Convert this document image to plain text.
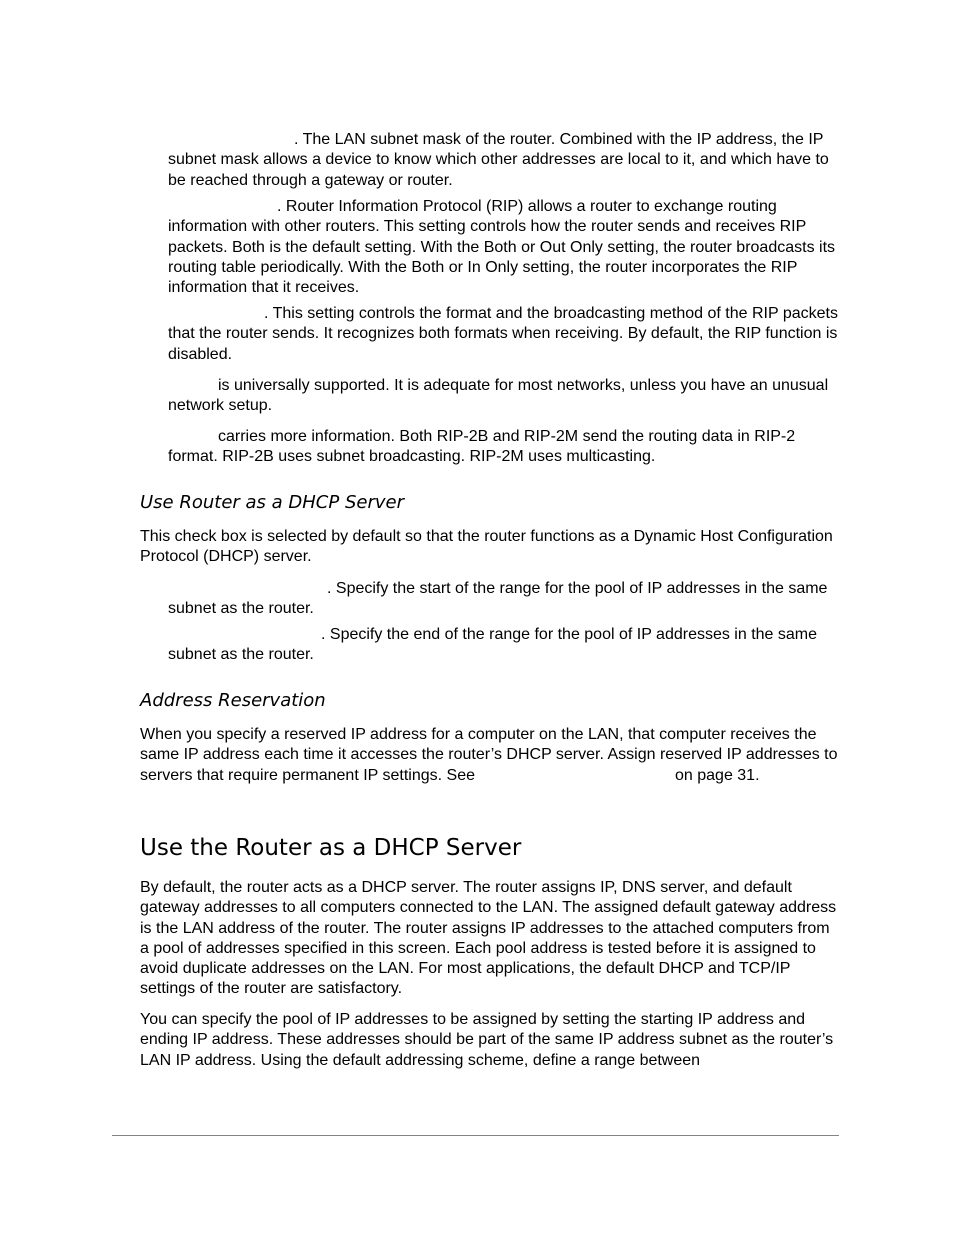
. The LAN subnet mask of the router. Combined with the IP address, the IP subnet mask allows a device to know which other addresses are local to it, and which have to be reached through a gateway or router.

. Router Information Protocol (RIP) allows a router to exchange routing information with other routers. This setting controls how the router sends and receives RIP packets. Both is the default setting. With the Both or Out Only setting, the router broadcasts its routing table periodically. With the Both or In Only setting, the router incorporates the RIP information that it receives.

. This setting controls the format and the broadcasting method of the RIP packets that the router sends. It recognizes both formats when receiving. By default, the RIP function is disabled.

is universally supported. It is adequate for most networks, unless you have an unusual network setup.

carries more information. Both RIP-2B and RIP-2M send the routing data in RIP-2 format. RIP-2B uses subnet broadcasting. RIP-2M uses multicasting.

Use Router as a DHCP Server

This check box is selected by default so that the router functions as a Dynamic Host Configuration Protocol (DHCP) server.

. Specify the start of the range for the pool of IP addresses in the same subnet as the router.

. Specify the end of the range for the pool of IP addresses in the same subnet as the router.

Address Reservation

When you specify a reserved IP address for a computer on the LAN, that computer receives the same IP address each time it accesses the router’s DHCP server. Assign reserved IP addresses to servers that require permanent IP settings. See	on page 31.

Use the Router as a DHCP Server

By default, the router acts as a DHCP server. The router assigns IP, DNS server, and default gateway addresses to all computers connected to the LAN. The assigned default gateway address is the LAN address of the router. The router assigns IP addresses to the attached computers from a pool of addresses specified in this screen. Each pool address is tested before it is assigned to avoid duplicate addresses on the LAN. For most applications, the default DHCP and TCP/IP settings of the router are satisfactory.

You can specify the pool of IP addresses to be assigned by setting the starting IP address and ending IP address. These addresses should be part of the same IP address subnet as the router’s LAN IP address. Using the default addressing scheme, define a range between
